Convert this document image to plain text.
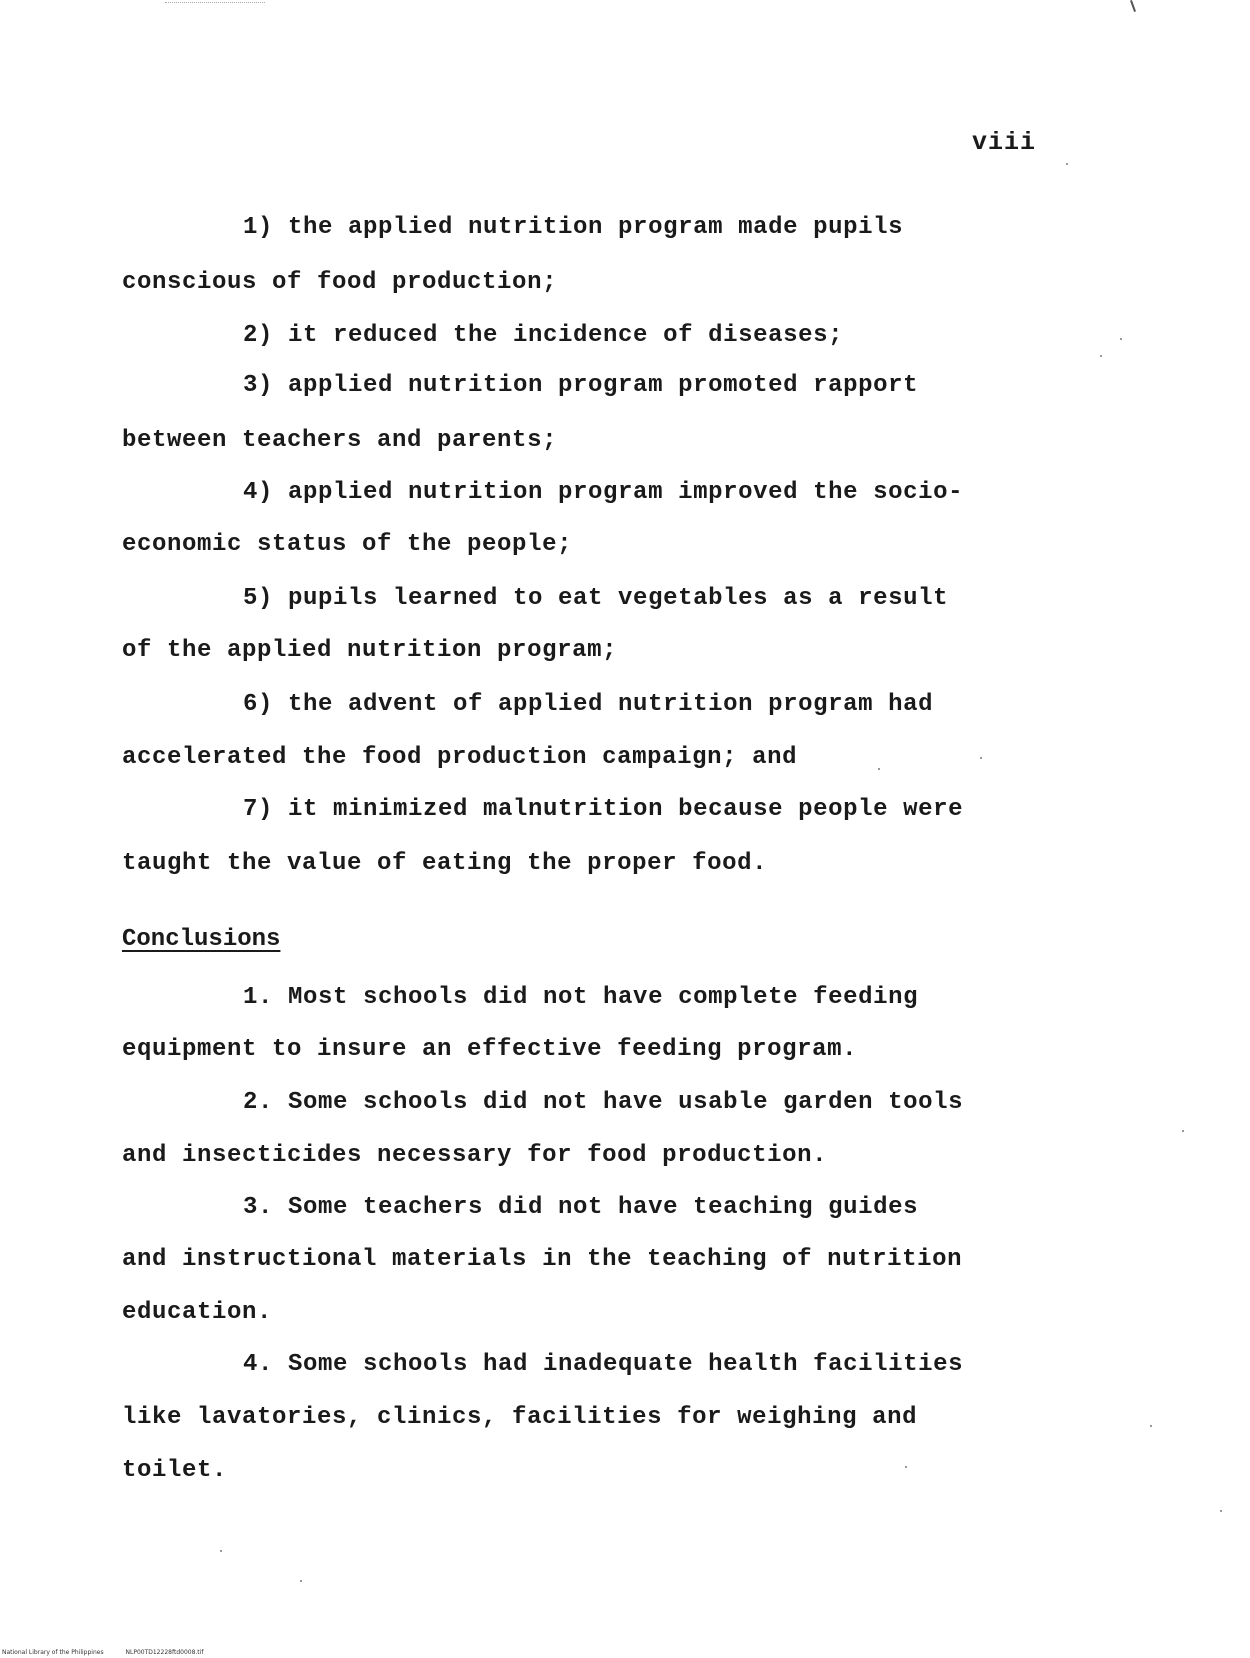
viii
1) the applied nutrition program made pupils
conscious of food production;
2) it reduced the incidence of diseases;
3) applied nutrition program promoted rapport
between teachers and parents;
4) applied nutrition program improved the socio-
economic status of the people;
5) pupils learned to eat vegetables as a result
of the applied nutrition program;
6) the advent of applied nutrition program had
accelerated the food production campaign; and
7) it minimized malnutrition because people were
taught the value of eating the proper food.
Conclusions
1. Most schools did not have complete feeding
equipment to insure an effective feeding program.
2. Some schools did not have usable garden tools
and insecticides necessary for food production.
3. Some teachers did not have teaching guides
and instructional materials in the teaching of nutrition
education.
4. Some schools had inadequate health facilities
like lavatories, clinics, facilities for weighing and
toilet.
National Library of the Philippines	NLP00TD12228ftd0008.tif
